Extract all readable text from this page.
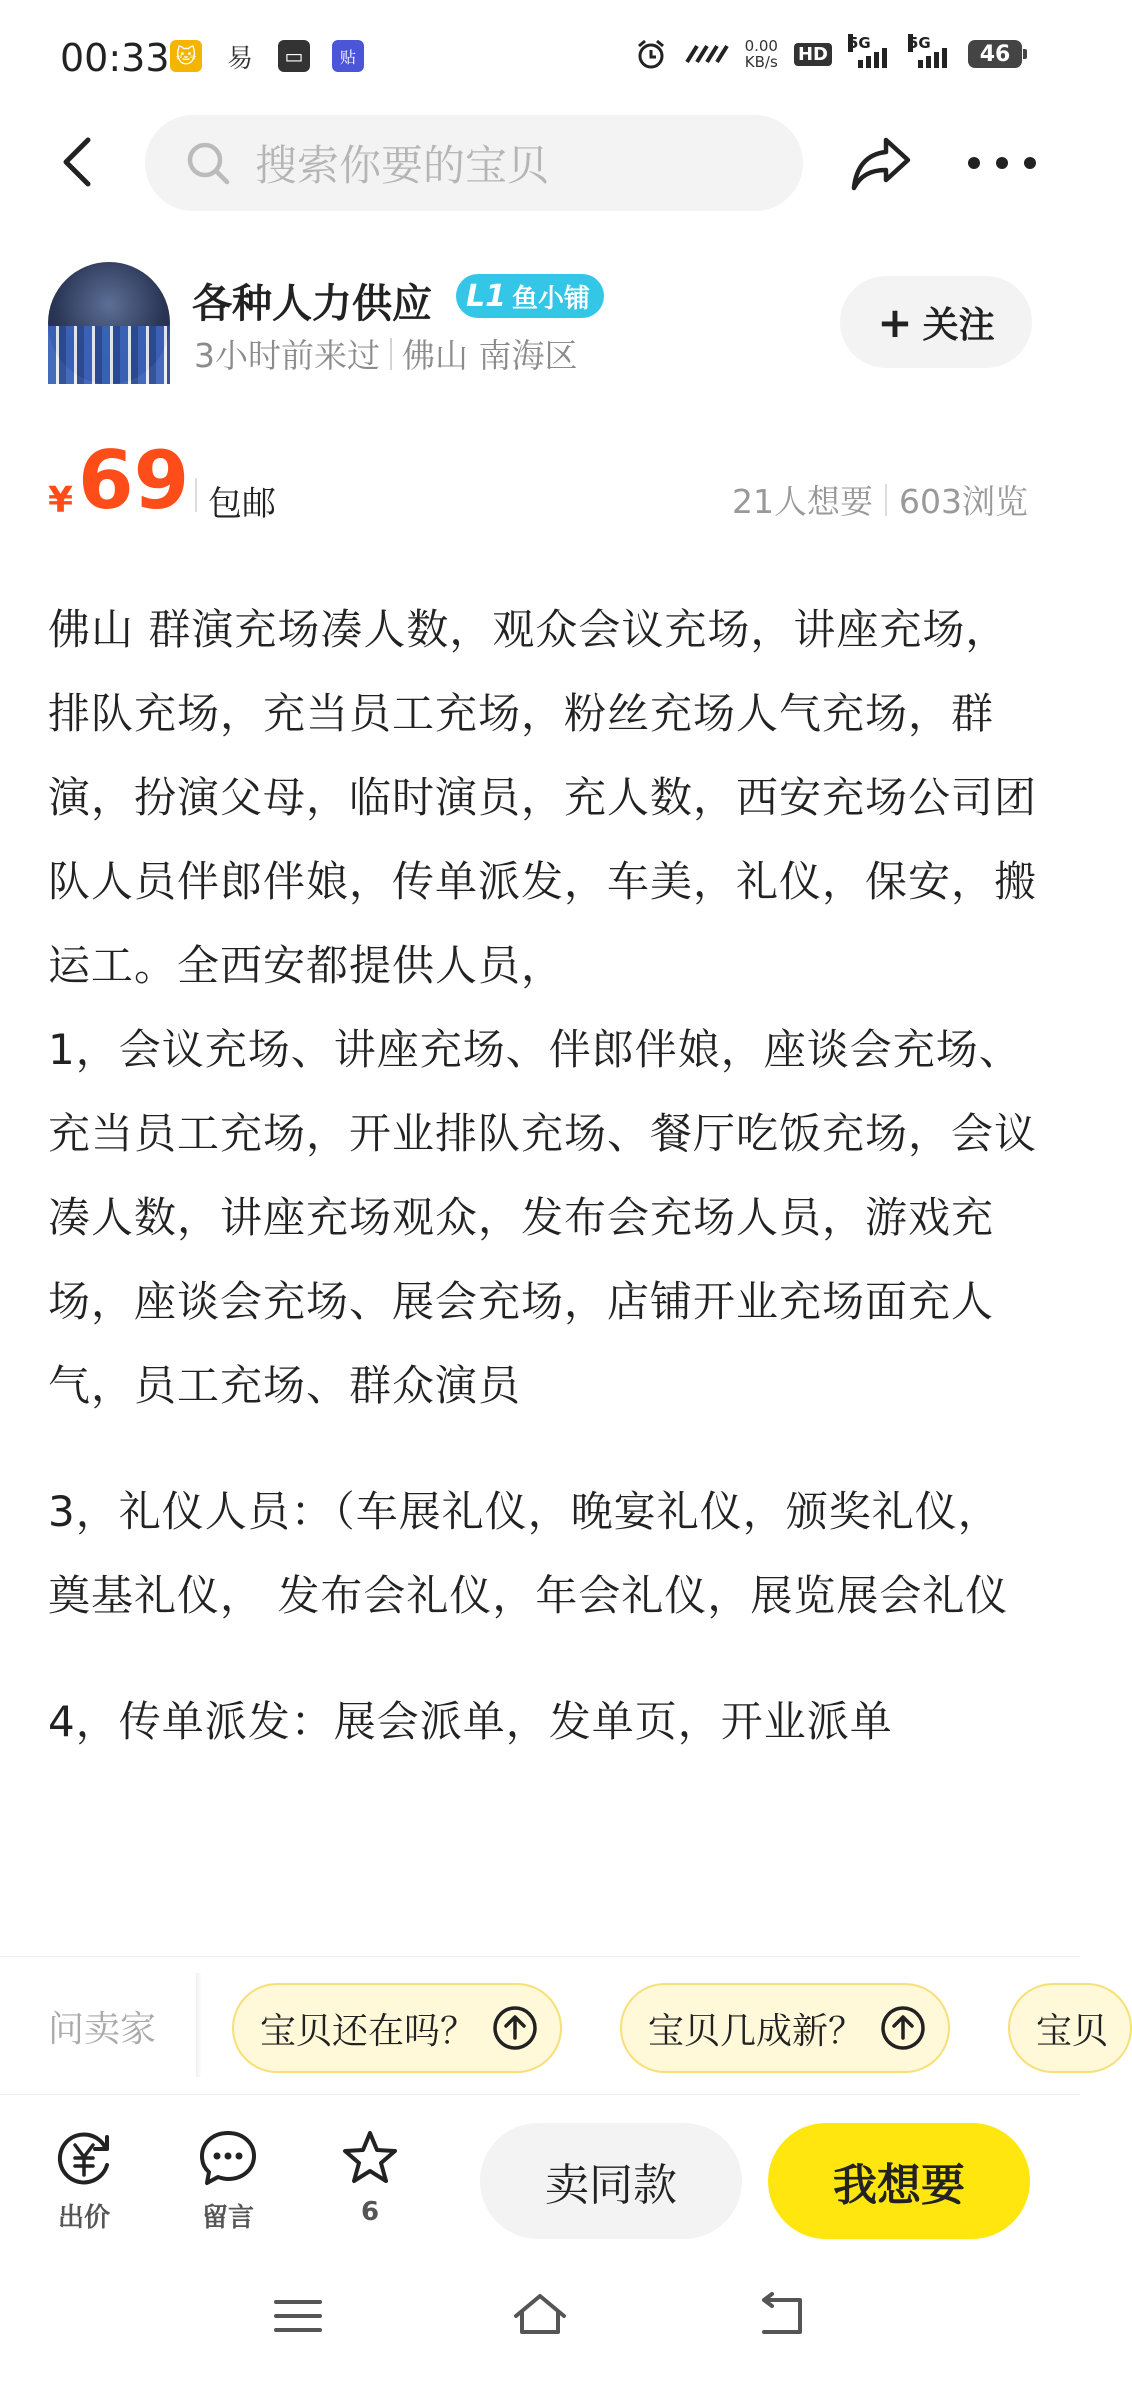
00:33 🐱 易	▭	贴
0.00
KB/s HD
5G 5G	46
搜索你要的宝贝
各种人力供应 L1 鱼小铺
3小时前来过 佛山 南海区
+ 关注
¥ 69 包邮	21人想要 603浏览

佛山 群演充场凑人数，观众会议充场，讲座充场，排队充场，充当员工充场，粉丝充场人气充场，群演，扮演父母，临时演员，充人数，西安充场公司团队人员伴郎伴娘，传单派发，车美，礼仪，保安，搬运工。全西安都提供人员，

1，会议充场、讲座充场、伴郎伴娘，座谈会充场、充当员工充场，开业排队充场、餐厅吃饭充场，会议凑人数，讲座充场观众，发布会充场人员，游戏充场，座谈会充场、展会充场，店铺开业充场面充人气，员工充场、群众演员

3，礼仪人员：（车展礼仪，晚宴礼仪，颁奖礼仪，奠基礼仪， 发布会礼仪，年会礼仪，展览展会礼仪

4，传单派发：展会派单，发单页，开业派单

问卖家	宝贝还在吗？	宝贝几成新？	宝贝
出价	留言	6
卖同款	我想要
